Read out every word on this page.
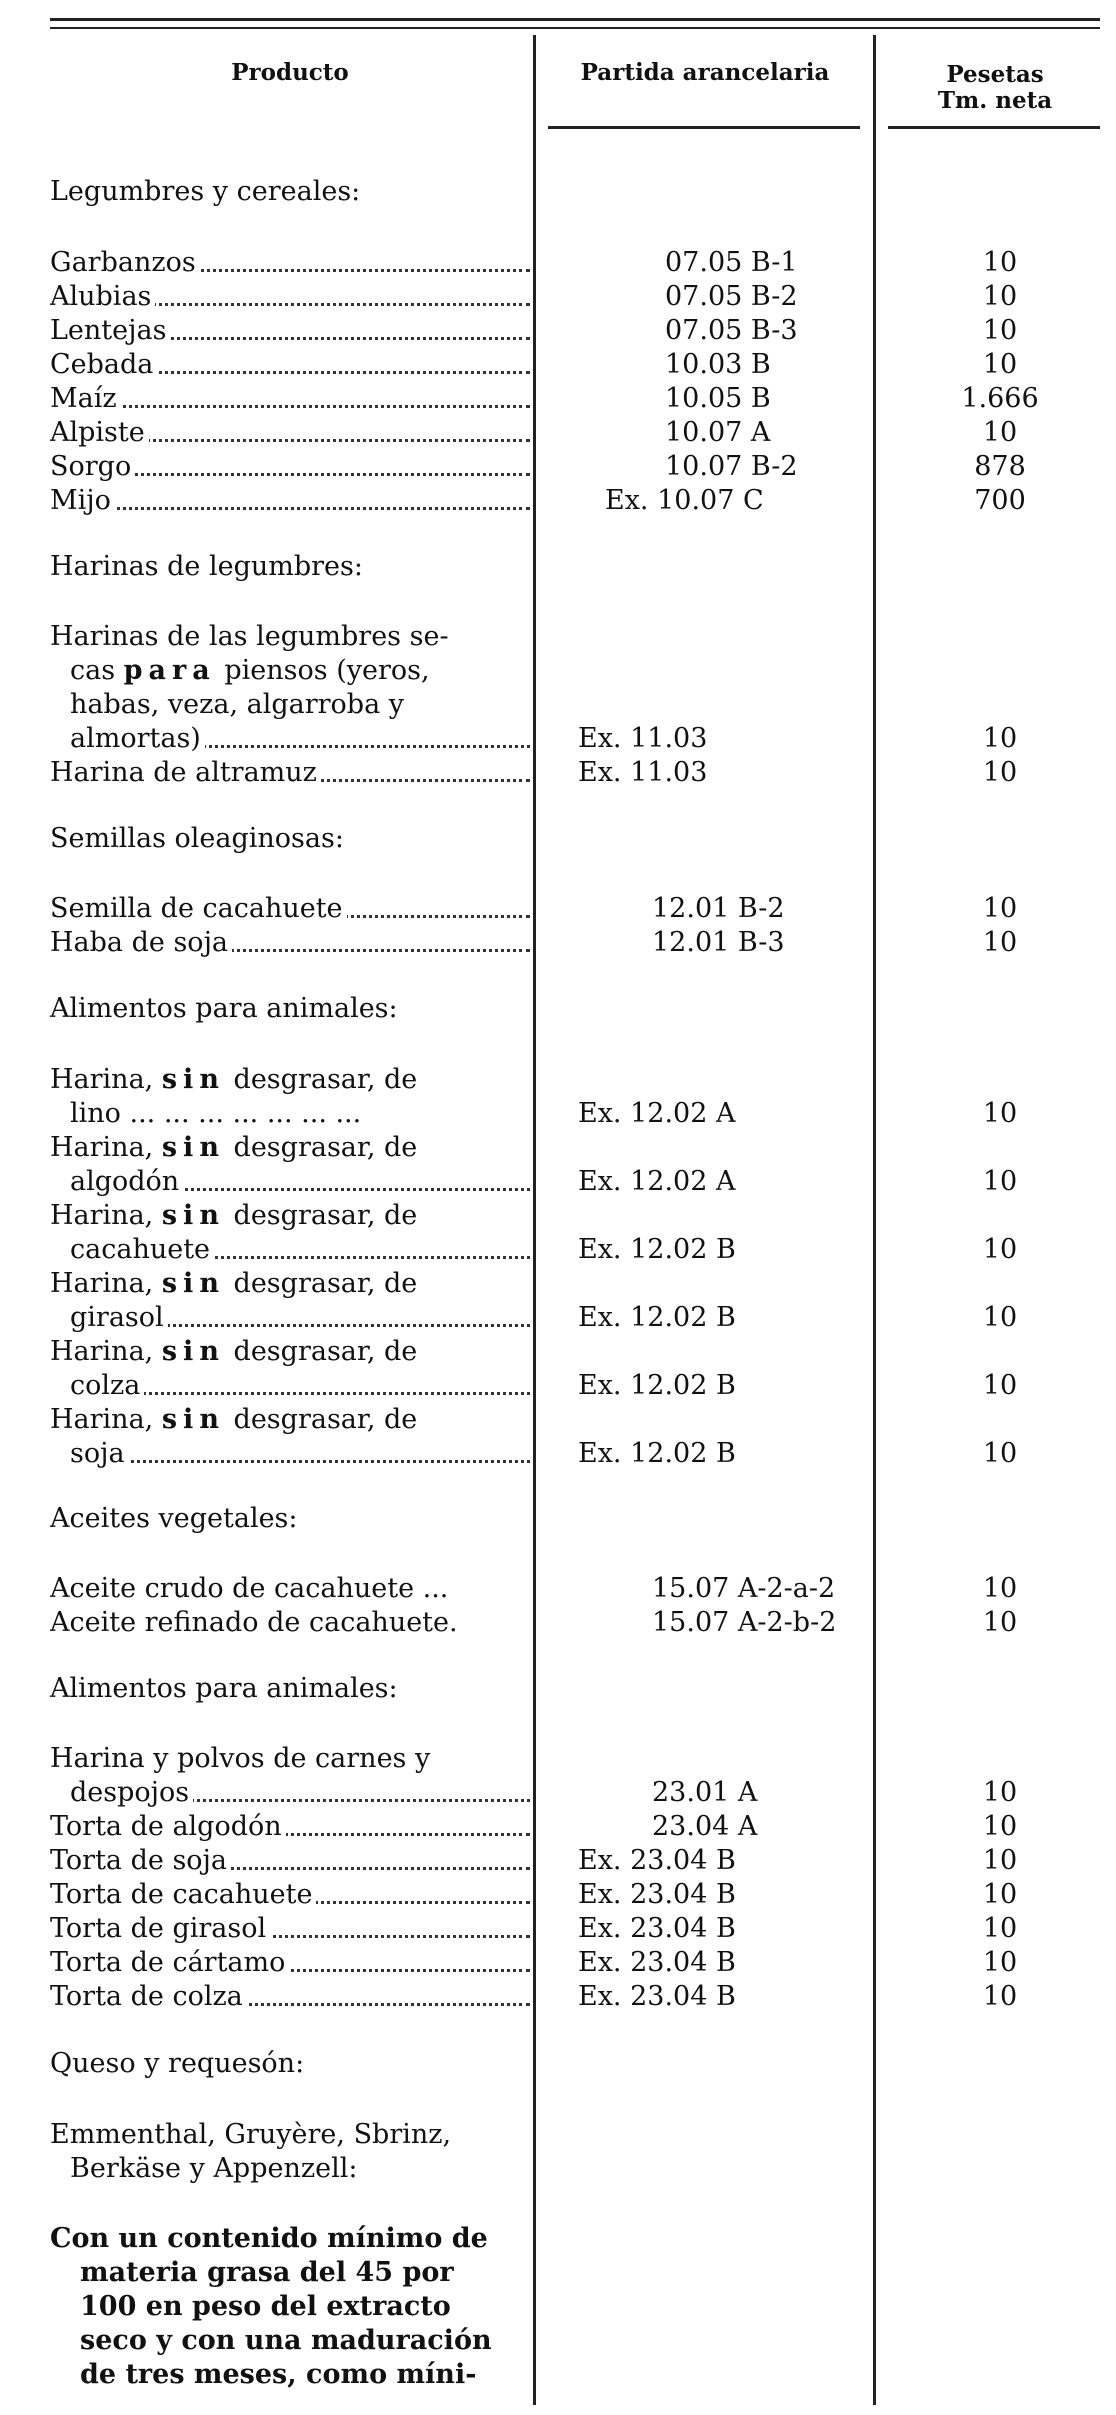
Producto	Partida arancelaria	Pesetas
Tm. neta
Legumbres y cereales:
Garbanzos	07.05 B-1	10
Alubias	07.05 B-2	10
Lentejas	07.05 B-3	10
Cebada	10.03 B	10
Maíz	10.05 B	1.666
Alpiste	10.07 A	10
Sorgo	10.07 B-2	878
Mijo	Ex. 10.07 C	700
Harinas de legumbres:
Harinas de las legumbres se-
cas para piensos (yeros,
habas, veza, algarroba y
almortas)	Ex. 11.03	10
Harina de altramuz	Ex. 11.03	10
Semillas oleaginosas:
Semilla de cacahuete	12.01 B-2	10
Haba de soja	12.01 B-3	10
Alimentos para animales:
Harina, sin desgrasar, de
lino ... ... ... ... ... ... ...	Ex. 12.02 A	10
Harina, sin desgrasar, de
algodón	Ex. 12.02 A	10
Harina, sin desgrasar, de
cacahuete	Ex. 12.02 B	10
Harina, sin desgrasar, de
girasol	Ex. 12.02 B	10
Harina, sin desgrasar, de
colza	Ex. 12.02 B	10
Harina, sin desgrasar, de
soja	Ex. 12.02 B	10
Aceites vegetales:
Aceite crudo de cacahuete ...	15.07 A-2-a-2	10
Aceite refinado de cacahuete.	15.07 A-2-b-2	10
Alimentos para animales:
Harina y polvos de carnes y
despojos	23.01 A	10
Torta de algodón	23.04 A	10
Torta de soja	Ex. 23.04 B	10
Torta de cacahuete	Ex. 23.04 B	10
Torta de girasol	Ex. 23.04 B	10
Torta de cártamo	Ex. 23.04 B	10
Torta de colza	Ex. 23.04 B	10
Queso y requesón:
Emmenthal, Gruyère, Sbrinz,
Berkäse y Appenzell:
Con un contenido mínimo de
materia grasa del 45 por
100 en peso del extracto
seco y con una maduración
de tres meses, como míni-
